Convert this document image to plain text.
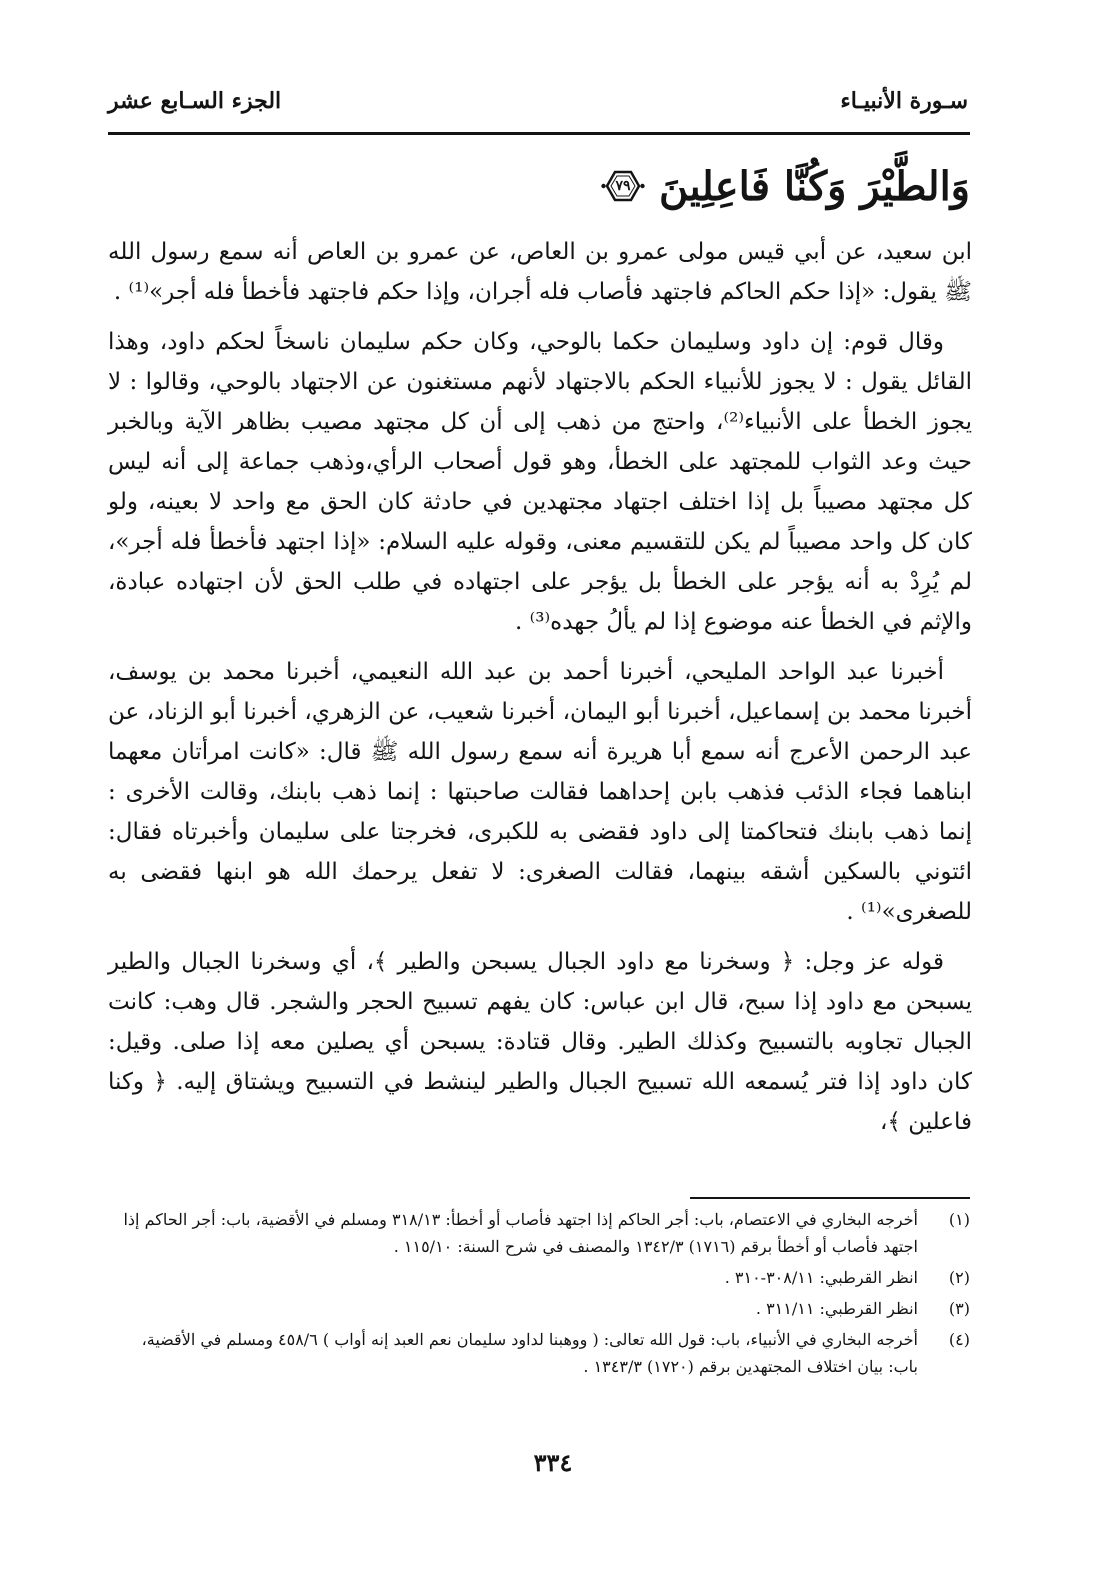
سـورة الأنبيـاء
الجزء السـابع عشر
وَالطَّيْرَ وَكُنَّا فَاعِلِينَ
٧٩

ابن سعيد، عن أبي قيس مولى عمرو بن العاص، عن عمرو بن العاص أنه سمع رسول الله ﷺ يقول: «إذا حكم الحاكم فاجتهد فأصاب فله أجران، وإذا حكم فاجتهد فأخطأ فله أجر»⁽¹⁾ .

وقال قوم: إن داود وسليمان حكما بالوحي، وكان حكم سليمان ناسخاً لحكم داود، وهذا القائل يقول : لا يجوز للأنبياء الحكم بالاجتهاد لأنهم مستغنون عن الاجتهاد بالوحي، وقالوا : لا يجوز الخطأ على الأنبياء⁽²⁾، واحتج من ذهب إلى أن كل مجتهد مصيب بظاهر الآية وبالخبر حيث وعد الثواب للمجتهد على الخطأ، وهو قول أصحاب الرأي،وذهب جماعة إلى أنه ليس كل مجتهد مصيباً بل إذا اختلف اجتهاد مجتهدين في حادثة كان الحق مع واحد لا بعينه، ولو كان كل واحد مصيباً لم يكن للتقسيم معنى، وقوله عليه السلام: «إذا اجتهد فأخطأ فله أجر»، لم يُرِدْ به أنه يؤجر على الخطأ بل يؤجر على اجتهاده في طلب الحق لأن اجتهاده عبادة، والإثم في الخطأ عنه موضوع إذا لم يألُ جهده⁽³⁾ .

أخبرنا عبد الواحد المليحي، أخبرنا أحمد بن عبد الله النعيمي، أخبرنا محمد بن يوسف، أخبرنا محمد بن إسماعيل، أخبرنا أبو اليمان، أخبرنا شعيب، عن الزهري، أخبرنا أبو الزناد، عن عبد الرحمن الأعرج أنه سمع أبا هريرة أنه سمع رسول الله ﷺ قال: «كانت امرأتان معهما ابناهما فجاء الذئب فذهب بابن إحداهما فقالت صاحبتها : إنما ذهب بابنك، وقالت الأخرى : إنما ذهب بابنك فتحاكمتا إلى داود فقضى به للكبرى، فخرجتا على سليمان وأخبرتاه فقال: ائتوني بالسكين أشقه بينهما، فقالت الصغرى: لا تفعل يرحمك الله هو ابنها فقضى به للصغرى»⁽¹⁾ .

قوله عز وجل: ﴿ وسخرنا مع داود الجبال يسبحن والطير ﴾، أي وسخرنا الجبال والطير يسبحن مع داود إذا سبح، قال ابن عباس: كان يفهم تسبيح الحجر والشجر. قال وهب: كانت الجبال تجاوبه بالتسبيح وكذلك الطير. وقال قتادة: يسبحن أي يصلين معه إذا صلى. وقيل: كان داود إذا فتر يُسمعه الله تسبيح الجبال والطير لينشط في التسبيح ويشتاق إليه. ﴿ وكنا فاعلين ﴾،

(١)
أخرجه البخاري في الاعتصام، باب: أجر الحاكم إذا اجتهد فأصاب أو أخطأ: ٣١٨/١٣ ومسلم في الأقضية، باب: أجر الحاكم إذا اجتهد فأصاب أو أخطأ برقم (١٧١٦) ١٣٤٢/٣ والمصنف في شرح السنة: ١١٥/١٠ .
(٢)
انظر القرطبي: ٣٠٨/١١-٣١٠ .
(٣)
انظر القرطبي: ٣١١/١١ .
(٤)
أخرجه البخاري في الأنبياء، باب: قول الله تعالى: ( ووهبنا لداود سليمان نعم العبد إنه أواب ) ٤٥٨/٦ ومسلم في الأقضية، باب: بيان اختلاف المجتهدين برقم (١٧٢٠) ١٣٤٣/٣ .
٣٣٤
